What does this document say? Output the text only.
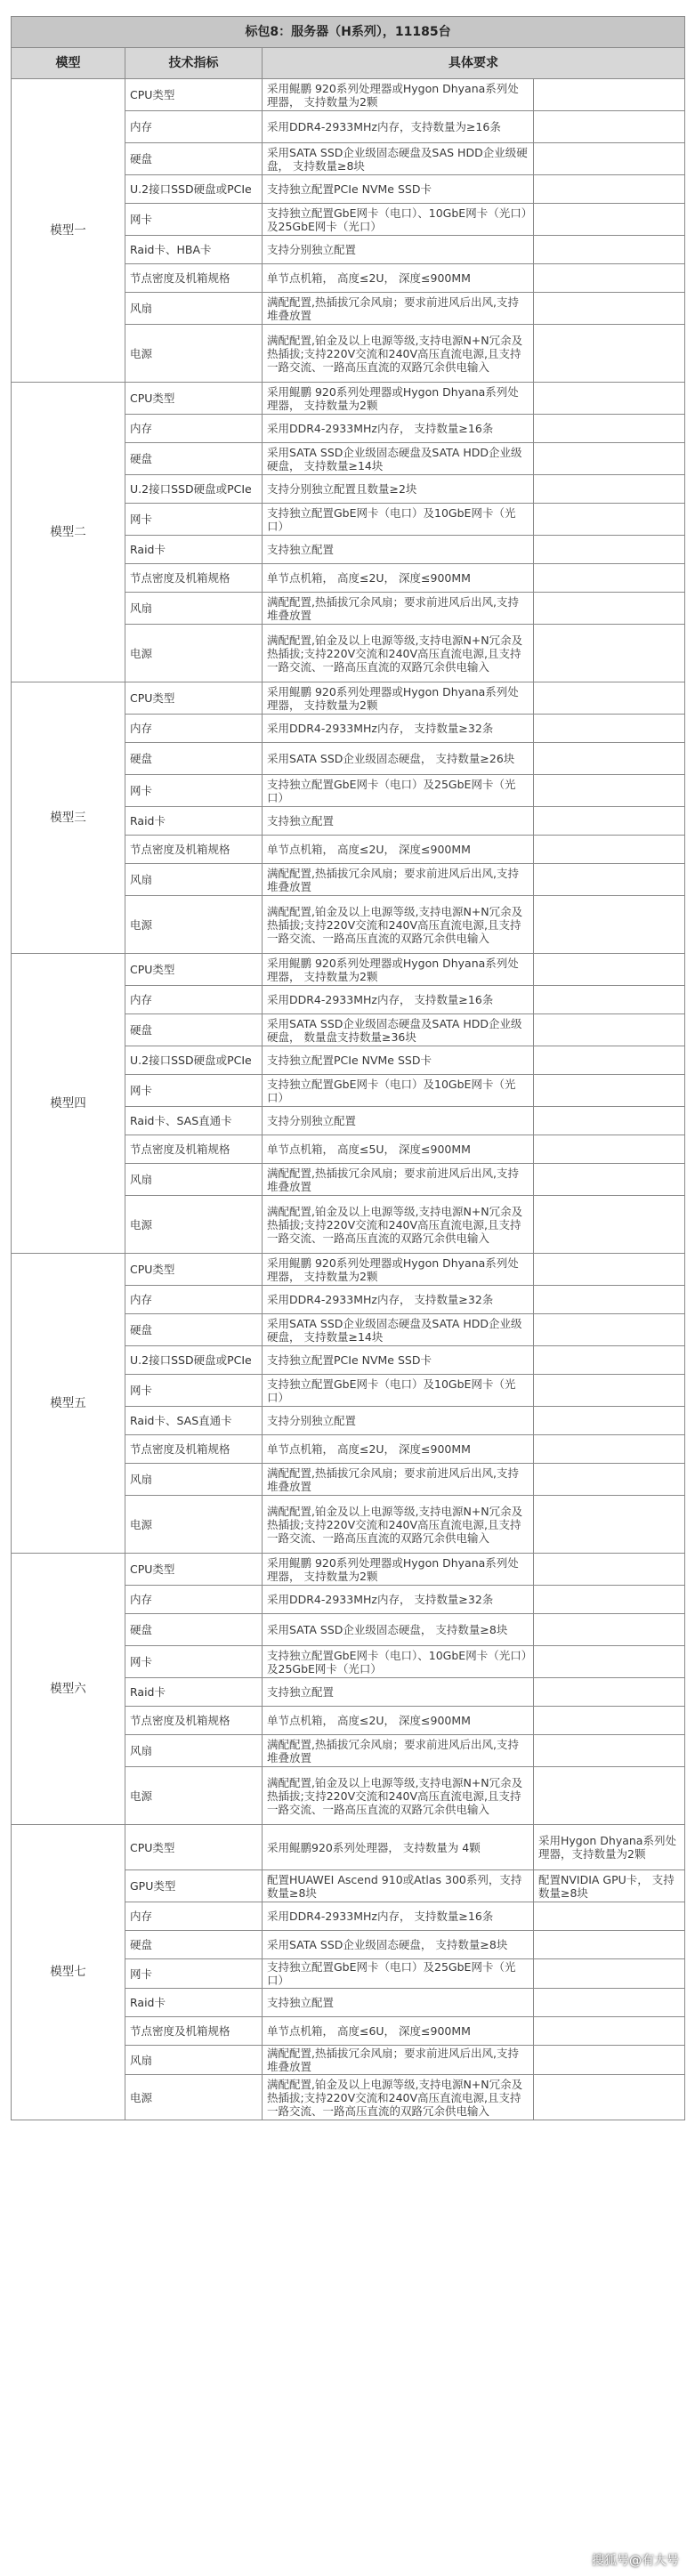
标包8：服务器（H系列），11185台			
模型	技术指标	具体要求	
模型一	CPU类型	采用鲲鹏 920系列处理器或Hygon Dhyana系列处理器， 支持数量为2颗	
	内存	采用DDR4-2933MHz内存，支持数量为≥16条	
	硬盘	采用SATA SSD企业级固态硬盘及SAS HDD企业级硬盘， 支持数量≥8块	
	U.2接口SSD硬盘或PCIe	支持独立配置PCIe NVMe SSD卡	
	网卡	支持独立配置GbE网卡（电口）、10GbE网卡（光口）及25GbE网卡（光口）	
	Raid卡、HBA卡	支持分别独立配置	
	节点密度及机箱规格	单节点机箱， 高度≤2U， 深度≤900MM	
	风扇	满配配置,热插拔冗余风扇；要求前进风后出风,支持堆叠放置	
	电源	满配配置,铂金及以上电源等级,支持电源N+N冗余及热插拔;支持220V交流和240V高压直流电源,且支持一路交流、一路高压直流的双路冗余供电输入	
模型二	CPU类型	采用鲲鹏 920系列处理器或Hygon Dhyana系列处理器， 支持数量为2颗	
	内存	采用DDR4-2933MHz内存， 支持数量≥16条	
	硬盘	采用SATA SSD企业级固态硬盘及SATA HDD企业级硬盘， 支持数量≥14块	
	U.2接口SSD硬盘或PCIe	支持分别独立配置且数量≥2块	
	网卡	支持独立配置GbE网卡（电口）及10GbE网卡（光口）	
	Raid卡	支持独立配置	
	节点密度及机箱规格	单节点机箱， 高度≤2U， 深度≤900MM	
	风扇	满配配置,热插拔冗余风扇；要求前进风后出风,支持堆叠放置	
	电源	满配配置,铂金及以上电源等级,支持电源N+N冗余及热插拔;支持220V交流和240V高压直流电源,且支持一路交流、一路高压直流的双路冗余供电输入	
模型三	CPU类型	采用鲲鹏 920系列处理器或Hygon Dhyana系列处理器， 支持数量为2颗	
	内存	采用DDR4-2933MHz内存， 支持数量≥32条	
	硬盘	采用SATA SSD企业级固态硬盘， 支持数量≥26块	
	网卡	支持独立配置GbE网卡（电口）及25GbE网卡（光口）	
	Raid卡	支持独立配置	
	节点密度及机箱规格	单节点机箱， 高度≤2U， 深度≤900MM	
	风扇	满配配置,热插拔冗余风扇；要求前进风后出风,支持堆叠放置	
	电源	满配配置,铂金及以上电源等级,支持电源N+N冗余及热插拔;支持220V交流和240V高压直流电源,且支持一路交流、一路高压直流的双路冗余供电输入	
模型四	CPU类型	采用鲲鹏 920系列处理器或Hygon Dhyana系列处理器， 支持数量为2颗	
	内存	采用DDR4-2933MHz内存， 支持数量≥16条	
	硬盘	采用SATA SSD企业级固态硬盘及SATA HDD企业级硬盘， 数量盘支持数量≥36块	
	U.2接口SSD硬盘或PCIe	支持独立配置PCIe NVMe SSD卡	
	网卡	支持独立配置GbE网卡（电口）及10GbE网卡（光口）	
	Raid卡、SAS直通卡	支持分别独立配置	
	节点密度及机箱规格	单节点机箱， 高度≤5U， 深度≤900MM	
	风扇	满配配置,热插拔冗余风扇；要求前进风后出风,支持堆叠放置	
	电源	满配配置,铂金及以上电源等级,支持电源N+N冗余及热插拔;支持220V交流和240V高压直流电源,且支持一路交流、一路高压直流的双路冗余供电输入	
模型五	CPU类型	采用鲲鹏 920系列处理器或Hygon Dhyana系列处理器， 支持数量为2颗	
	内存	采用DDR4-2933MHz内存， 支持数量≥32条	
	硬盘	采用SATA SSD企业级固态硬盘及SATA HDD企业级硬盘， 支持数量≥14块	
	U.2接口SSD硬盘或PCIe	支持独立配置PCIe NVMe SSD卡	
	网卡	支持独立配置GbE网卡（电口）及10GbE网卡（光口）	
	Raid卡、SAS直通卡	支持分别独立配置	
	节点密度及机箱规格	单节点机箱， 高度≤2U， 深度≤900MM	
	风扇	满配配置,热插拔冗余风扇；要求前进风后出风,支持堆叠放置	
	电源	满配配置,铂金及以上电源等级,支持电源N+N冗余及热插拔;支持220V交流和240V高压直流电源,且支持一路交流、一路高压直流的双路冗余供电输入	
模型六	CPU类型	采用鲲鹏 920系列处理器或Hygon Dhyana系列处理器， 支持数量为2颗	
	内存	采用DDR4-2933MHz内存， 支持数量≥32条	
	硬盘	采用SATA SSD企业级固态硬盘， 支持数量≥8块	
	网卡	支持独立配置GbE网卡（电口）、10GbE网卡（光口）及25GbE网卡（光口）	
	Raid卡	支持独立配置	
	节点密度及机箱规格	单节点机箱， 高度≤2U， 深度≤900MM	
	风扇	满配配置,热插拔冗余风扇；要求前进风后出风,支持堆叠放置	
	电源	满配配置,铂金及以上电源等级,支持电源N+N冗余及热插拔;支持220V交流和240V高压直流电源,且支持一路交流、一路高压直流的双路冗余供电输入	
模型七	CPU类型	采用鲲鹏920系列处理器， 支持数量为 4颗	采用Hygon Dhyana系列处理器，支持数量为2颗
	GPU类型	配置HUAWEI Ascend 910或Atlas 300系列，支持数量≥8块	配置NVIDIA GPU卡， 支持数量≥8块
	内存	采用DDR4-2933MHz内存， 支持数量≥16条	
	硬盘	采用SATA SSD企业级固态硬盘， 支持数量≥8块	
	网卡	支持独立配置GbE网卡（电口）及25GbE网卡（光口）	
	Raid卡	支持独立配置	
	节点密度及机箱规格	单节点机箱， 高度≤6U， 深度≤900MM	
	风扇	满配配置,热插拔冗余风扇；要求前进风后出风,支持堆叠放置	
	电源	满配配置,铂金及以上电源等级,支持电源N+N冗余及热插拔;支持220V交流和240V高压直流电源,且支持一路交流、一路高压直流的双路冗余供电输入	
搜狐号@有大号
